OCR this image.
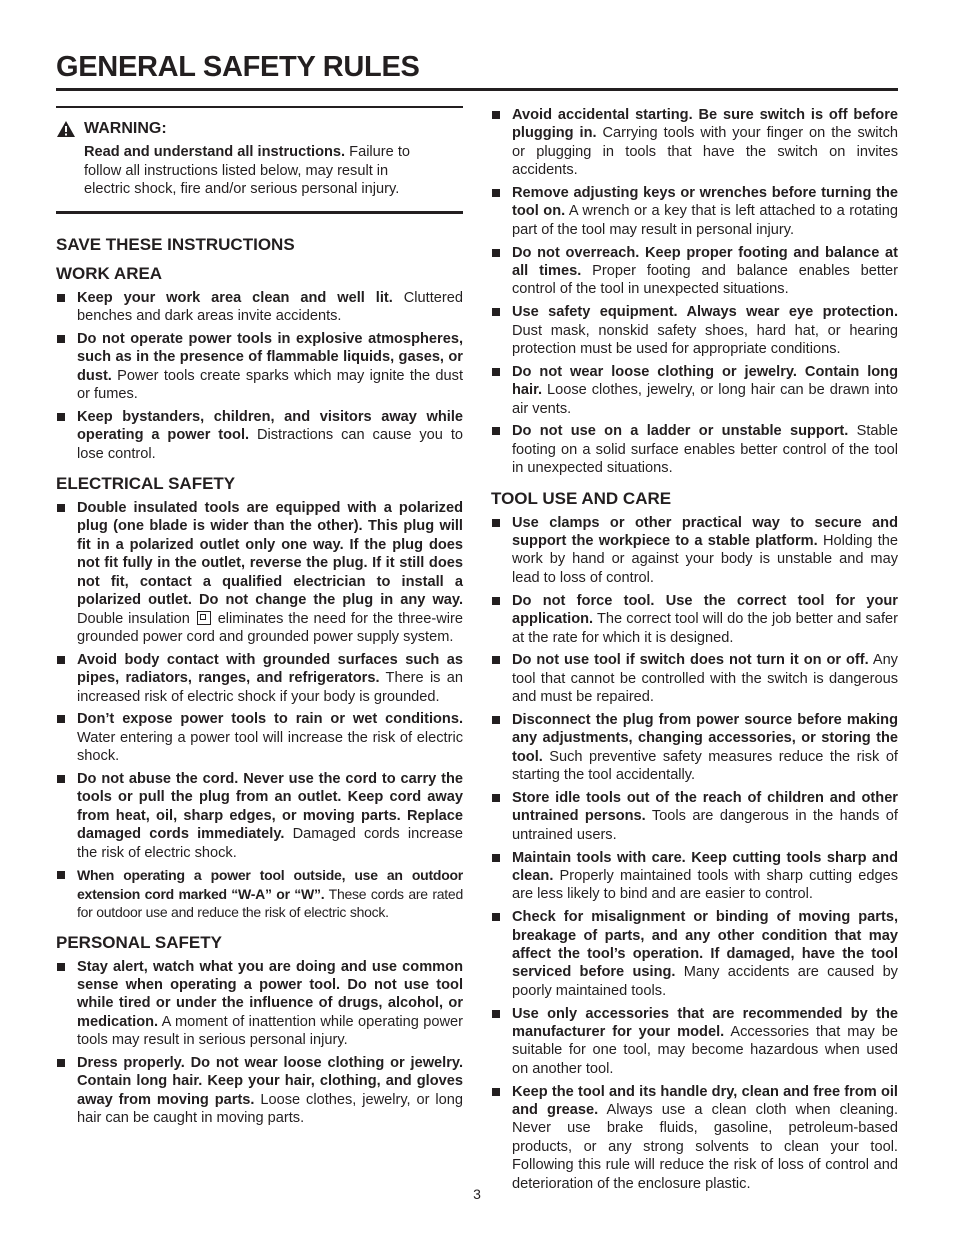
GENERAL SAFETY RULES
WARNING:
Read and understand all instructions. Failure to follow all instructions listed below, may result in electric shock, fire and/or serious personal injury.
SAVE THESE INSTRUCTIONS
WORK AREA
Keep your work area clean and well lit. Cluttered benches and dark areas invite accidents.
Do not operate power tools in explosive atmospheres, such as in the presence of flammable liquids, gases, or dust. Power tools create sparks which may ignite the dust or fumes.
Keep bystanders, children, and visitors away while operating a power tool. Distractions can cause you to lose control.
ELECTRICAL SAFETY
Double insulated tools are equipped with a polarized plug (one blade is wider than the other). This plug will fit in a polarized outlet only one way. If the plug does not fit fully in the outlet, reverse the plug. If it still does not fit, contact a qualified electrician to install a polarized outlet. Do not change the plug in any way. Double insulation  eliminates the need for the three-wire grounded power cord and grounded power supply system.
Avoid body contact with grounded surfaces such as pipes, radiators, ranges, and refrigerators. There is an increased risk of electric shock if your body is grounded.
Don’t expose power tools to rain or wet conditions. Water entering a power tool will increase the risk of electric shock.
Do not abuse the cord. Never use the cord to carry the tools or pull the plug from an outlet. Keep cord away from heat, oil, sharp edges, or moving parts. Replace damaged cords immediately. Damaged cords increase the risk of electric shock.
When operating a power tool outside, use an outdoor extension cord marked “W-A” or “W”. These cords are rated for outdoor use and reduce the risk of electric shock.
PERSONAL SAFETY
Stay alert, watch what you are doing and use common sense when operating a power tool. Do not use tool while tired or under the influence of drugs, alcohol, or medication. A moment of inattention while operating power tools may result in serious personal injury.
Dress properly. Do not wear loose clothing or jewelry. Contain long hair. Keep your hair, clothing, and gloves away from moving parts. Loose clothes, jewelry, or long hair can be caught in moving parts.
Avoid accidental starting. Be sure switch is off before plugging in. Carrying tools with your finger on the switch or plugging in tools that have the switch on invites accidents.
Remove adjusting keys or wrenches before turning the tool on. A wrench or a key that is left attached to a rotating part of the tool may result in personal injury.
Do not overreach. Keep proper footing and balance at all times. Proper footing and balance enables better control of the tool in unexpected situations.
Use safety equipment. Always wear eye protection. Dust mask, nonskid safety shoes, hard hat, or hearing protection must be used for appropriate conditions.
Do not wear loose clothing or jewelry. Contain long hair. Loose clothes, jewelry, or long hair can be drawn into air vents.
Do not use on a ladder or unstable support. Stable footing on a solid surface enables better control of the tool in unexpected situations.
TOOL USE AND CARE
Use clamps or other practical way to secure and support the workpiece to a stable platform. Holding the work by hand or against your body is unstable and may lead to loss of control.
Do not force tool. Use the correct tool for your application. The correct tool will do the job better and safer at the rate for which it is designed.
Do not use tool if switch does not turn it on or off. Any tool that cannot be controlled with the switch is dangerous and must be repaired.
Disconnect the plug from power source before making any adjustments, changing accessories, or storing the tool. Such preventive safety measures reduce the risk of starting the tool accidentally.
Store idle tools out of the reach of children and other untrained persons. Tools are dangerous in the hands of untrained users.
Maintain tools with care. Keep cutting tools sharp and clean. Properly maintained tools with sharp cutting edges are less likely to bind and are easier to control.
Check for misalignment or binding of moving parts, breakage of parts, and any other condition that may affect the tool’s operation. If damaged, have the tool serviced before using. Many accidents are caused by poorly maintained tools.
Use only accessories that are recommended by the manufacturer for your model. Accessories that may be suitable for one tool, may become hazardous when used on another tool.
Keep the tool and its handle dry, clean and free from oil and grease. Always use a clean cloth when cleaning. Never use brake fluids, gasoline, petroleum-based products, or any strong solvents to clean your tool. Following this rule will reduce the risk of loss of control and deterioration of the enclosure plastic.
3
